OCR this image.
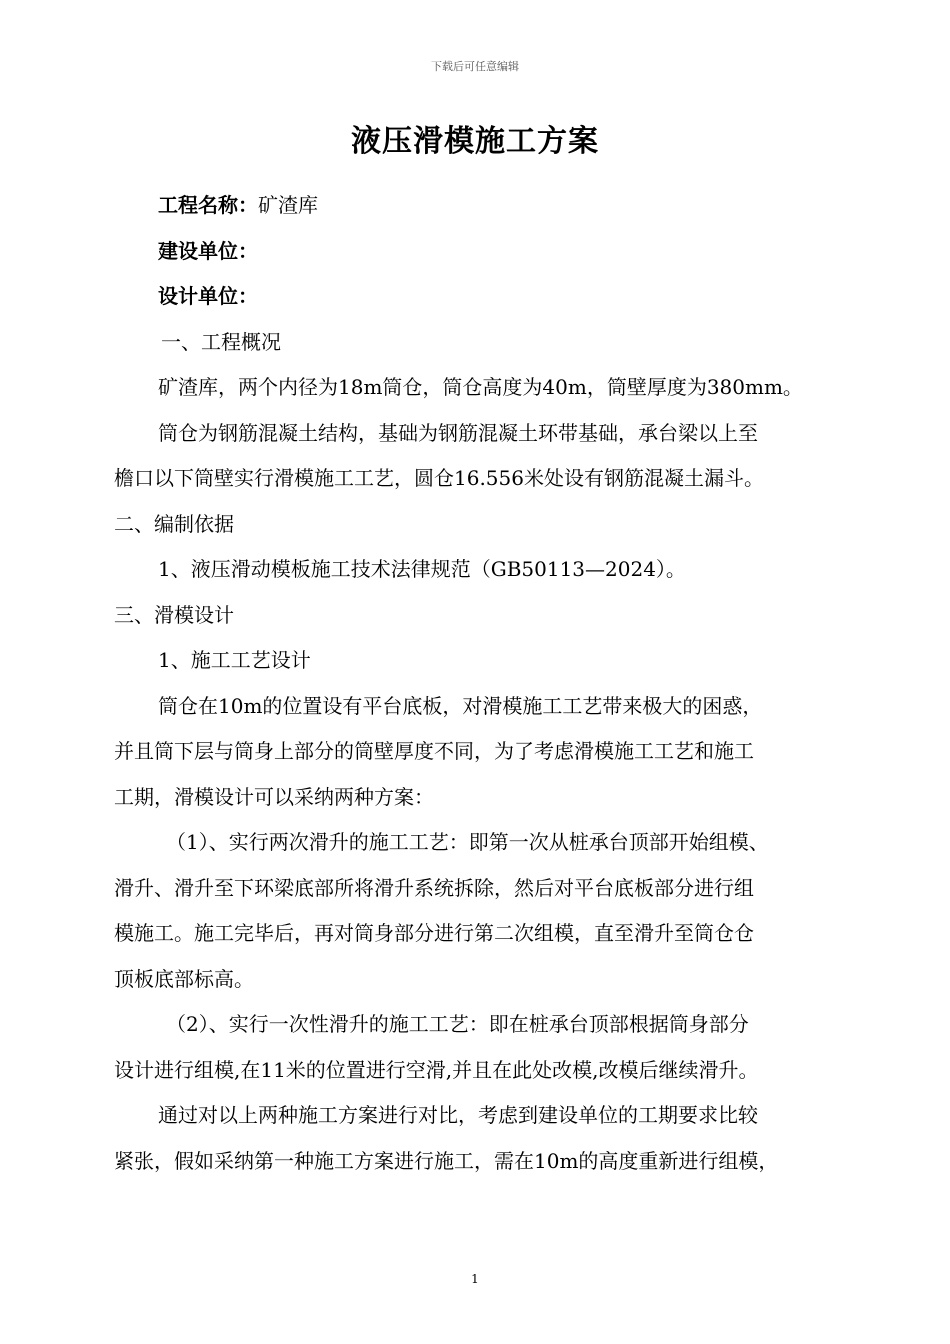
下载后可任意编辑
液压滑模施工方案

工程名称：矿渣库

建设单位：

设计单位：

一、工程概况

矿渣库，两个内径为18m筒仓，筒仓高度为40m，筒壁厚度为380mm。

筒仓为钢筋混凝土结构，基础为钢筋混凝土环带基础，承台梁以上至

檐口以下筒壁实行滑模施工工艺，圆仓16.556米处设有钢筋混凝土漏斗。

二、编制依据

1、液压滑动模板施工技术法律规范（GB50113—2024）。

三、滑模设计

1、施工工艺设计

筒仓在10m的位置设有平台底板，对滑模施工工艺带来极大的困惑，

并且筒下层与筒身上部分的筒壁厚度不同，为了考虑滑模施工工艺和施工

工期，滑模设计可以采纳两种方案：

（1）、实行两次滑升的施工工艺：即第一次从桩承台顶部开始组模、

滑升、滑升至下环梁底部所将滑升系统拆除，然后对平台底板部分进行组

模施工。施工完毕后，再对筒身部分进行第二次组模，直至滑升至筒仓仓

顶板底部标高。

（2）、实行一次性滑升的施工工艺：即在桩承台顶部根据筒身部分

设计进行组模,在11米的位置进行空滑,并且在此处改模,改模后继续滑升。

通过对以上两种施工方案进行对比，考虑到建设单位的工期要求比较

紧张，假如采纳第一种施工方案进行施工，需在10m的高度重新进行组模，

1
